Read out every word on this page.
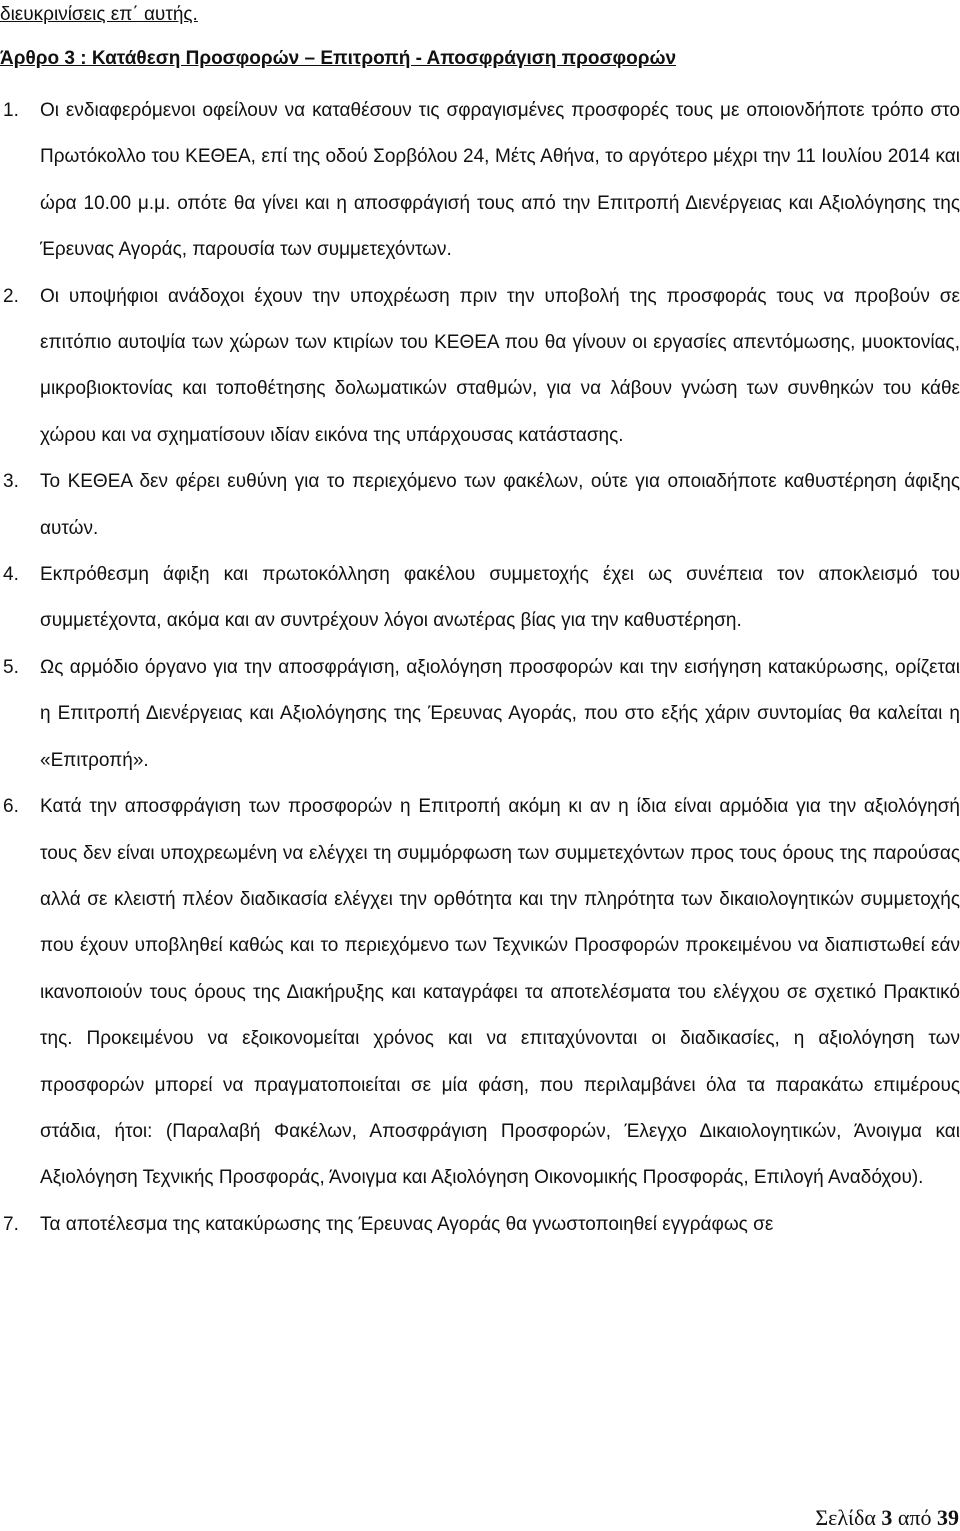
διευκρινίσεις επ΄ αυτής.
Άρθρο 3 : Κατάθεση Προσφορών – Επιτροπή - Αποσφράγιση προσφορών
1. Οι ενδιαφερόμενοι οφείλουν να καταθέσουν τις σφραγισμένες προσφορές τους με οποιονδήποτε τρόπο στο Πρωτόκολλο του ΚΕΘΕΑ, επί της οδού Σορβόλου 24, Μέτς Αθήνα, το αργότερο μέχρι την 11 Ιουλίου 2014 και ώρα 10.00 μ.μ. οπότε θα γίνει και η αποσφράγισή τους από την Επιτροπή Διενέργειας και Αξιολόγησης της Έρευνας Αγοράς, παρουσία των συμμετεχόντων.
2. Οι υποψήφιοι ανάδοχοι έχουν την υποχρέωση πριν την υποβολή της προσφοράς τους να προβούν σε επιτόπιο αυτοψία των χώρων των κτιρίων του ΚΕΘΕΑ που θα γίνουν οι εργασίες απεντόμωσης, μυοκτονίας, μικροβιοκτονίας και τοποθέτησης δολωματικών σταθμών, για να λάβουν γνώση των συνθηκών του κάθε χώρου και να σχηματίσουν ιδίαν εικόνα της υπάρχουσας κατάστασης.
3. Το ΚΕΘΕΑ δεν φέρει ευθύνη για το περιεχόμενο των φακέλων, ούτε για οποιαδήποτε καθυστέρηση άφιξης αυτών.
4. Εκπρόθεσμη άφιξη και πρωτοκόλληση φακέλου συμμετοχής έχει ως συνέπεια τον αποκλεισμό του συμμετέχοντα, ακόμα και αν συντρέχουν λόγοι ανωτέρας βίας για την καθυστέρηση.
5. Ως αρμόδιο όργανο για την αποσφράγιση, αξιολόγηση προσφορών και την εισήγηση κατακύρωσης, ορίζεται η Επιτροπή Διενέργειας και Αξιολόγησης της Έρευνας Αγοράς, που στο εξής χάριν συντομίας θα καλείται η «Επιτροπή».
6. Κατά την αποσφράγιση των προσφορών η Επιτροπή ακόμη κι αν η ίδια είναι αρμόδια για την αξιολόγησή τους δεν είναι υποχρεωμένη να ελέγχει τη συμμόρφωση των συμμετεχόντων προς τους όρους της παρούσας αλλά σε κλειστή πλέον διαδικασία ελέγχει την ορθότητα και την πληρότητα των δικαιολογητικών συμμετοχής που έχουν υποβληθεί καθώς και το περιεχόμενο των Τεχνικών Προσφορών προκειμένου να διαπιστωθεί εάν ικανοποιούν τους όρους της Διακήρυξης και καταγράφει τα αποτελέσματα του ελέγχου σε σχετικό Πρακτικό της. Προκειμένου να εξοικονομείται χρόνος και να επιταχύνονται οι διαδικασίες, η αξιολόγηση των προσφορών μπορεί να πραγματοποιείται σε μία φάση, που περιλαμβάνει όλα τα παρακάτω επιμέρους στάδια, ήτοι: (Παραλαβή Φακέλων, Αποσφράγιση Προσφορών, Έλεγχο Δικαιολογητικών, Άνοιγμα και Αξιολόγηση Τεχνικής Προσφοράς, Άνοιγμα και Αξιολόγηση Οικονομικής Προσφοράς, Επιλογή Αναδόχου).
7. Τα αποτέλεσμα της κατακύρωσης της Έρευνας Αγοράς θα γνωστοποιηθεί εγγράφως σε
Σελίδα 3 από 39
